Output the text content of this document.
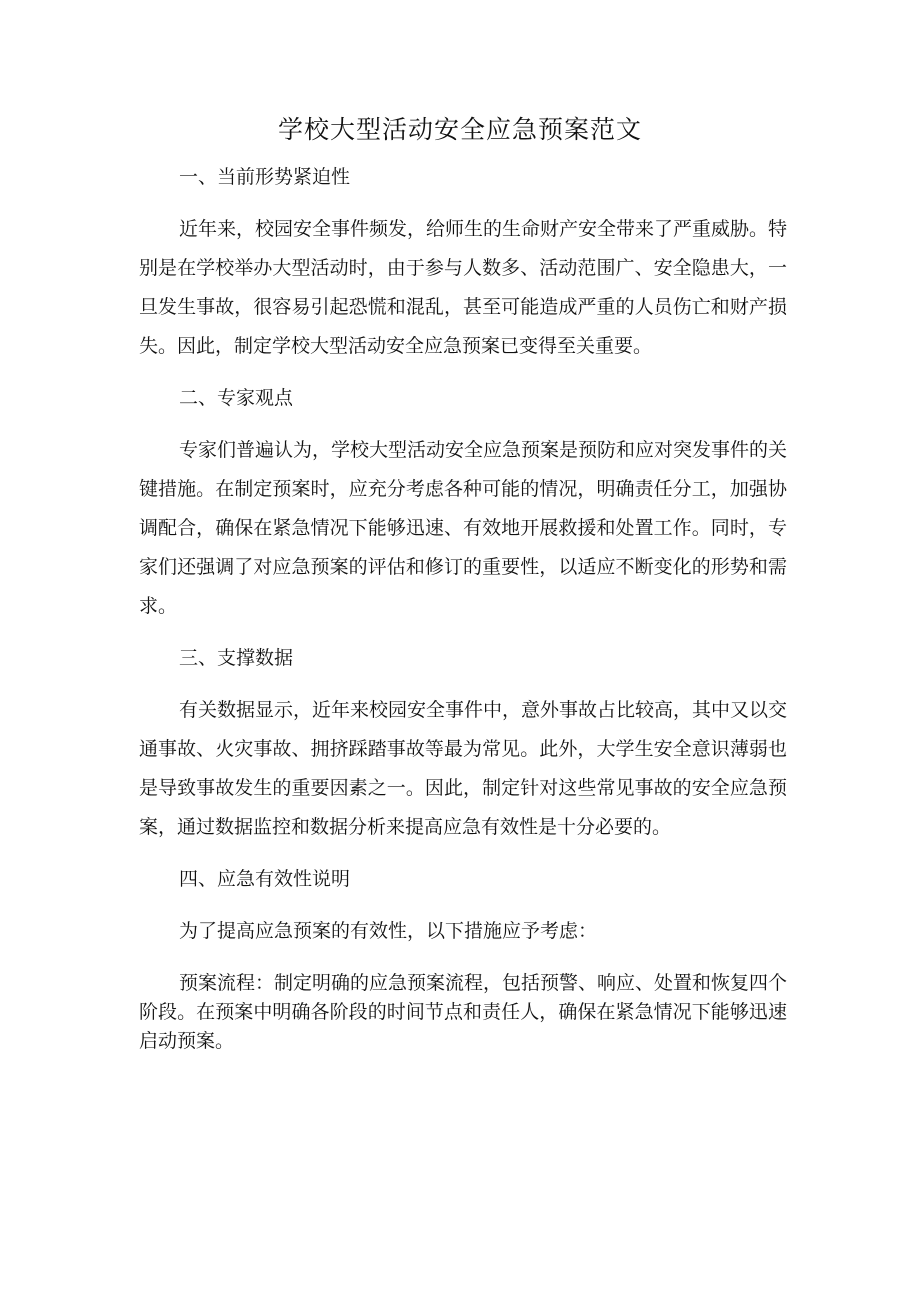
学校大型活动安全应急预案范文
一、当前形势紧迫性

近年来，校园安全事件频发，给师生的生命财产安全带来了严重威胁。特别是在学校举办大型活动时，由于参与人数多、活动范围广、安全隐患大，一旦发生事故，很容易引起恐慌和混乱，甚至可能造成严重的人员伤亡和财产损失。因此，制定学校大型活动安全应急预案已变得至关重要。

二、专家观点

专家们普遍认为，学校大型活动安全应急预案是预防和应对突发事件的关键措施。在制定预案时，应充分考虑各种可能的情况，明确责任分工，加强协调配合，确保在紧急情况下能够迅速、有效地开展救援和处置工作。同时，专家们还强调了对应急预案的评估和修订的重要性，以适应不断变化的形势和需求。

三、支撑数据

有关数据显示，近年来校园安全事件中，意外事故占比较高，其中又以交通事故、火灾事故、拥挤踩踏事故等最为常见。此外，大学生安全意识薄弱也是导致事故发生的重要因素之一。因此，制定针对这些常见事故的安全应急预案，通过数据监控和数据分析来提高应急有效性是十分必要的。

四、应急有效性说明

为了提高应急预案的有效性，以下措施应予考虑：

预案流程：制定明确的应急预案流程，包括预警、响应、处置和恢复四个阶段。在预案中明确各阶段的时间节点和责任人，确保在紧急情况下能够迅速启动预案。
